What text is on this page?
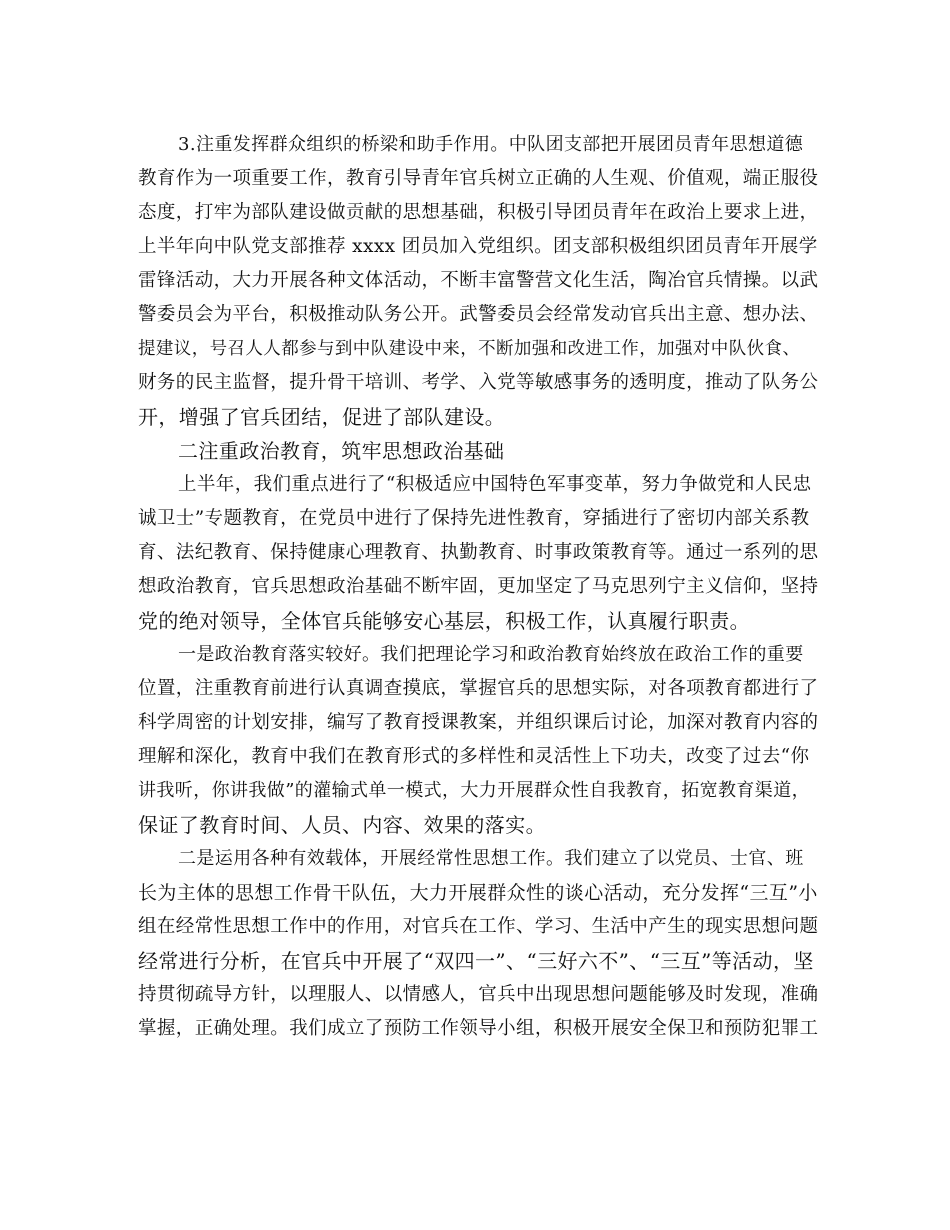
3.注重发挥群众组织的桥梁和助手作用。中队团支部把开展团员青年思想道德
教育作为一项重要工作，教育引导青年官兵树立正确的人生观、价值观，端正服役
态度，打牢为部队建设做贡献的思想基础，积极引导团员青年在政治上要求上进，
上半年向中队党支部推荐 xxxx 团员加入党组织。团支部积极组织团员青年开展学
雷锋活动，大力开展各种文体活动，不断丰富警营文化生活，陶冶官兵情操。以武
警委员会为平台，积极推动队务公开。武警委员会经常发动官兵出主意、想办法、
提建议，号召人人都参与到中队建设中来，不断加强和改进工作，加强对中队伙食、
财务的民主监督，提升骨干培训、考学、入党等敏感事务的透明度，推动了队务公
开，增强了官兵团结，促进了部队建设。
二注重政治教育，筑牢思想政治基础
上半年，我们重点进行了“积极适应中国特色军事变革，努力争做党和人民忠
诚卫士”专题教育，在党员中进行了保持先进性教育，穿插进行了密切内部关系教
育、法纪教育、保持健康心理教育、执勤教育、时事政策教育等。通过一系列的思
想政治教育，官兵思想政治基础不断牢固，更加坚定了马克思列宁主义信仰，坚持
党的绝对领导，全体官兵能够安心基层，积极工作，认真履行职责。
一是政治教育落实较好。我们把理论学习和政治教育始终放在政治工作的重要
位置，注重教育前进行认真调查摸底，掌握官兵的思想实际，对各项教育都进行了
科学周密的计划安排，编写了教育授课教案，并组织课后讨论，加深对教育内容的
理解和深化，教育中我们在教育形式的多样性和灵活性上下功夫，改变了过去“你
讲我听，你讲我做”的灌输式单一模式，大力开展群众性自我教育，拓宽教育渠道，
保证了教育时间、人员、内容、效果的落实。
二是运用各种有效载体，开展经常性思想工作。我们建立了以党员、士官、班
长为主体的思想工作骨干队伍，大力开展群众性的谈心活动，充分发挥“三互”小
组在经常性思想工作中的作用，对官兵在工作、学习、生活中产生的现实思想问题
经常进行分析，在官兵中开展了“双四一”、“三好六不”、“三互”等活动，坚
持贯彻疏导方针，以理服人、以情感人，官兵中出现思想问题能够及时发现，准确
掌握，正确处理。我们成立了预防工作领导小组，积极开展安全保卫和预防犯罪工
